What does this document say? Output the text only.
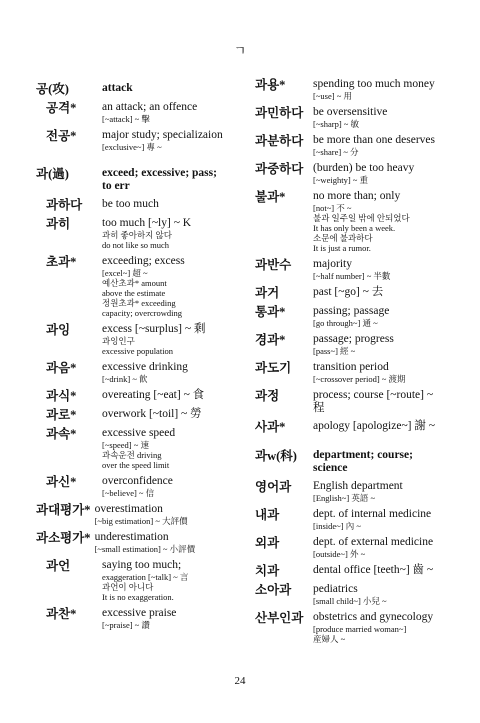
ㄱ
공(攻)	attack
공격*	an attack; an offence
[~attack] ~ 擊
전공*	major study; specializaion
[exclusive~] 專 ~
과(過)	exceed; excessive; pass;
to err
과하다	be too much
과히	too much [~ly] ~ K
과히 좋아하지 않다
do not like so much
초과*	exceeding; excess
[excel~] 超 ~
예산초과* amount
above the estimate
정원초과* exceeding
capacity; overcrowding
과잉	excess [~surplus] ~ 剩
과잉인구
excessive population
과음*	excessive drinking
[~drink] ~ 飮
과식*	overeating [~eat] ~ 食
과로*	overwork [~toil] ~ 勞
과속*	excessive speed
[~speed] ~ 速
과속운전 driving
over the speed limit
과신*	overconfidence
[~believe] ~ 信
과대평가* overestimation
[~big estimation] ~ 大評價
과소평가* underestimation
[~small estimation] ~ 小評價
과언	saying too much;
exaggeration [~talk] ~ 言
과언이 아니다
It is no exaggeration.
과찬*	excessive praise
[~praise] ~ 讚
과용*	spending too much money
[~use] ~ 用
과민하다 be oversensitive
[~sharp] ~ 敏
과분하다 be more than one deserves
[~share] ~ 分
과중하다 (burden) be too heavy
[~weighty] ~ 重
불과*	no more than; only
[not~] 不 ~
불과 일주일 밖에 안되었다
It has only been a week.
소문에 불과하다
It is just a rumor.
과반수	majority
[~half number] ~ 半數
과거	past [~go] ~ 去
통과*	passing; passage
[go through~] 通 ~
경과*	passage; progress
[pass~] 經 ~
과도기	transition period
[~crossover period] ~ 渡期
과정	process; course [~route] ~ 程
사과*	apology [apologize~] 謝 ~
과w(科)	department; course;
science
영어과	English department
[English~] 英語 ~
내과	dept. of internal medicine
[inside~] 內 ~
외과	dept. of external medicine
[outside~] 外 ~
치과	dental office [teeth~] 齒 ~
소아과	pediatrics
[small child~] 小兒 ~
산부인과 obstetrics and gynecology
[produce married woman~]
産婦人 ~
24
